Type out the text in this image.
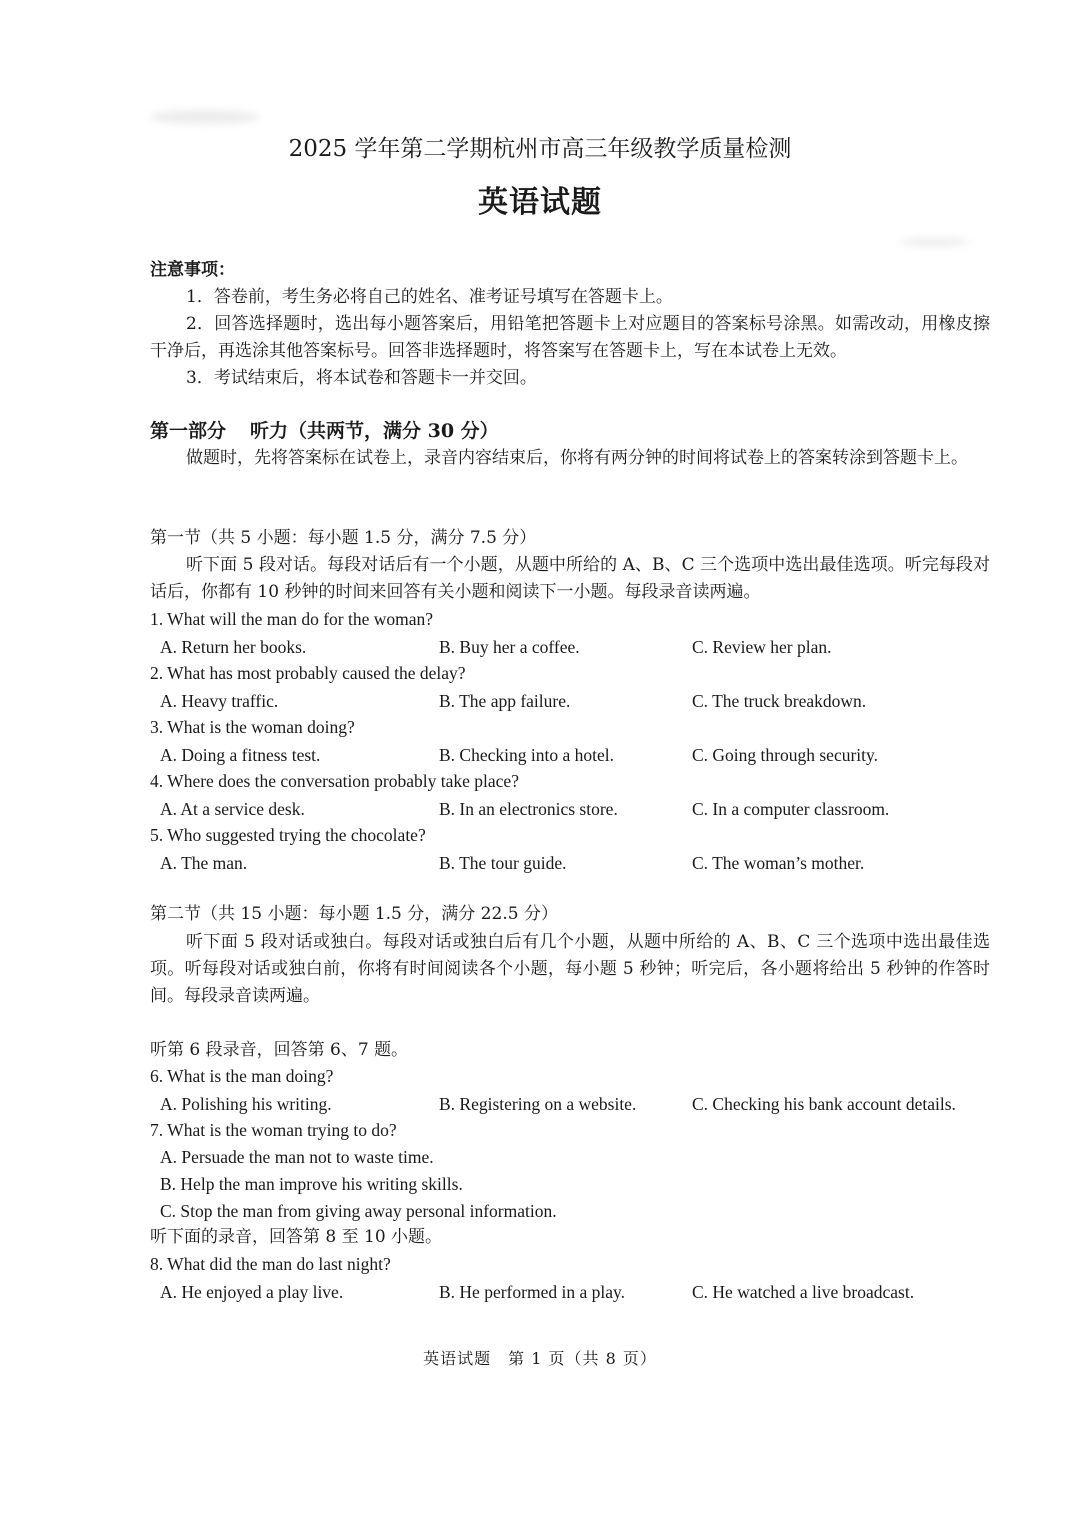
2025 学年第二学期杭州市高三年级教学质量检测
英语试题
注意事项：
1．答卷前，考生务必将自己的姓名、准考证号填写在答题卡上。
2．回答选择题时，选出每小题答案后，用铅笔把答题卡上对应题目的答案标号涂黑。如需改动，用橡皮擦干净后，再选涂其他答案标号。回答非选择题时，将答案写在答题卡上，写在本试卷上无效。
3．考试结束后，将本试卷和答题卡一并交回。
第一部分 听力（共两节，满分 30 分）
做题时，先将答案标在试卷上，录音内容结束后，你将有两分钟的时间将试卷上的答案转涂到答题卡上。
第一节（共 5 小题：每小题 1.5 分，满分 7.5 分）
听下面 5 段对话。每段对话后有一个小题，从题中所给的 A、B、C 三个选项中选出最佳选项。听完每段对话后，你都有 10 秒钟的时间来回答有关小题和阅读下一小题。每段录音读两遍。
1. What will the man do for the woman?
A. Return her books.	B. Buy her a coffee.	C. Review her plan.
2. What has most probably caused the delay?
A. Heavy traffic.	B. The app failure.	C. The truck breakdown.
3. What is the woman doing?
A. Doing a fitness test.	B. Checking into a hotel.	C. Going through security.
4. Where does the conversation probably take place?
A. At a service desk.	B. In an electronics store.	C. In a computer classroom.
5. Who suggested trying the chocolate?
A. The man.	B. The tour guide.	C. The woman’s mother.
第二节（共 15 小题：每小题 1.5 分，满分 22.5 分）
听下面 5 段对话或独白。每段对话或独白后有几个小题，从题中所给的 A、B、C 三个选项中选出最佳选项。听每段对话或独白前，你将有时间阅读各个小题，每小题 5 秒钟；听完后，各小题将给出 5 秒钟的作答时间。每段录音读两遍。
听第 6 段录音，回答第 6、7 题。
6. What is the man doing?
A. Polishing his writing.	B. Registering on a website.	C. Checking his bank account details.
7. What is the woman trying to do?
A. Persuade the man not to waste time.
B. Help the man improve his writing skills.
C. Stop the man from giving away personal information.
听下面的录音，回答第 8 至 10 小题。
8. What did the man do last night?
A. He enjoyed a play live.	B. He performed in a play.	C. He watched a live broadcast.
英语试题　第 1 页（共 8 页）
